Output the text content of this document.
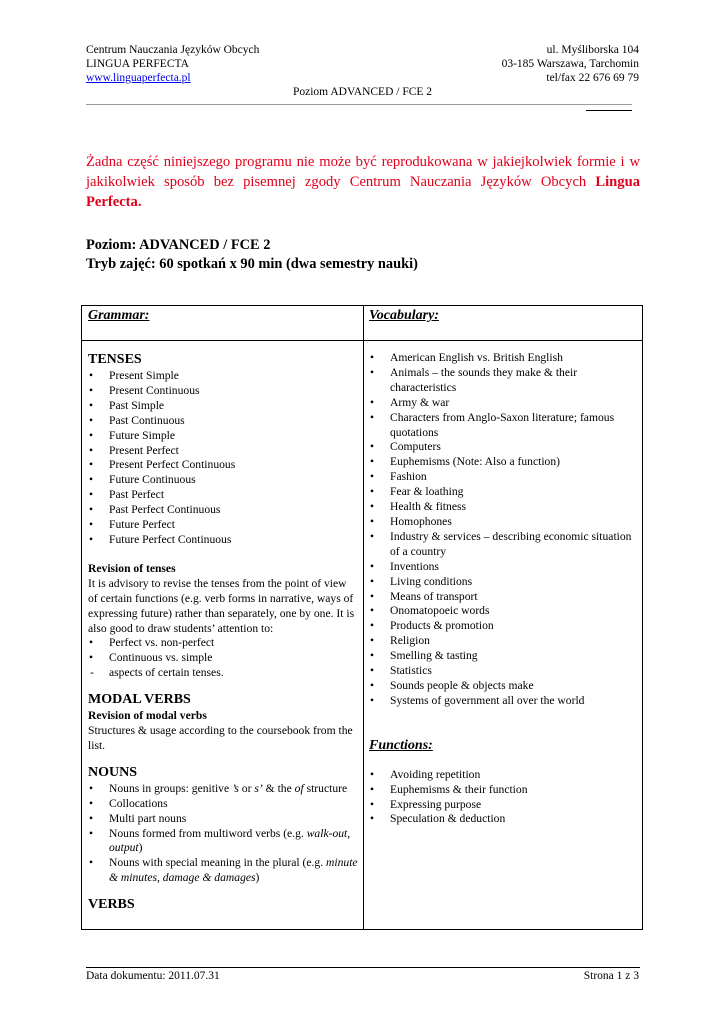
Centrum Nauczania Języków Obcych
LINGUA PERFECTA
www.linguaperfecta.pl
ul. Myśliborska 104
03-185 Warszawa, Tarchomin
tel/fax 22 676 69 79
Poziom ADVANCED / FCE 2
Żadna część niniejszego programu nie może być reprodukowana w jakiejkolwiek formie i w jakikolwiek sposób bez pisemnej zgody Centrum Nauczania Języków Obcych Lingua Perfecta.
Poziom: ADVANCED / FCE 2
Tryb zajęć: 60 spotkań x 90 min (dwa semestry nauki)
Grammar:	Vocabulary:
TENSES
• Present Simple
• Present Continuous
• Past Simple
• Past Continuous
• Future Simple
• Present Perfect
• Present Perfect Continuous
• Future Continuous
• Past Perfect
• Past Perfect Continuous
• Future Perfect
• Future Perfect Continuous
Revision of tenses
It is advisory to revise the tenses from the point of view of certain functions (e.g. verb forms in narrative, ways of expressing future) rather than separately, one by one. It is also good to draw students’ attention to:
• Perfect vs. non-perfect
• Continuous vs. simple
- aspects of certain tenses.
MODAL VERBS
Revision of modal verbs
Structures & usage according to the coursebook from the list.
NOUNS
• Nouns in groups: genitive ’s or s’ & the of structure
• Collocations
• Multi part nouns
• Nouns formed from multiword verbs (e.g. walk-out, output)
• Nouns with special meaning in the plural (e.g. minute & minutes, damage & damages)
VERBS
• American English vs. British English
• Animals – the sounds they make & their characteristics
• Army & war
• Characters from Anglo-Saxon literature; famous quotations
• Computers
• Euphemisms (Note: Also a function)
• Fashion
• Fear & loathing
• Health & fitness
• Homophones
• Industry & services – describing economic situation of a country
• Inventions
• Living conditions
• Means of transport
• Onomatopoeic words
• Products & promotion
• Religion
• Smelling & tasting
• Statistics
• Sounds people & objects make
• Systems of government all over the world
Functions:
• Avoiding repetition
• Euphemisms & their function
• Expressing purpose
• Speculation & deduction
Data dokumentu: 2011.07.31	Strona 1 z 3
